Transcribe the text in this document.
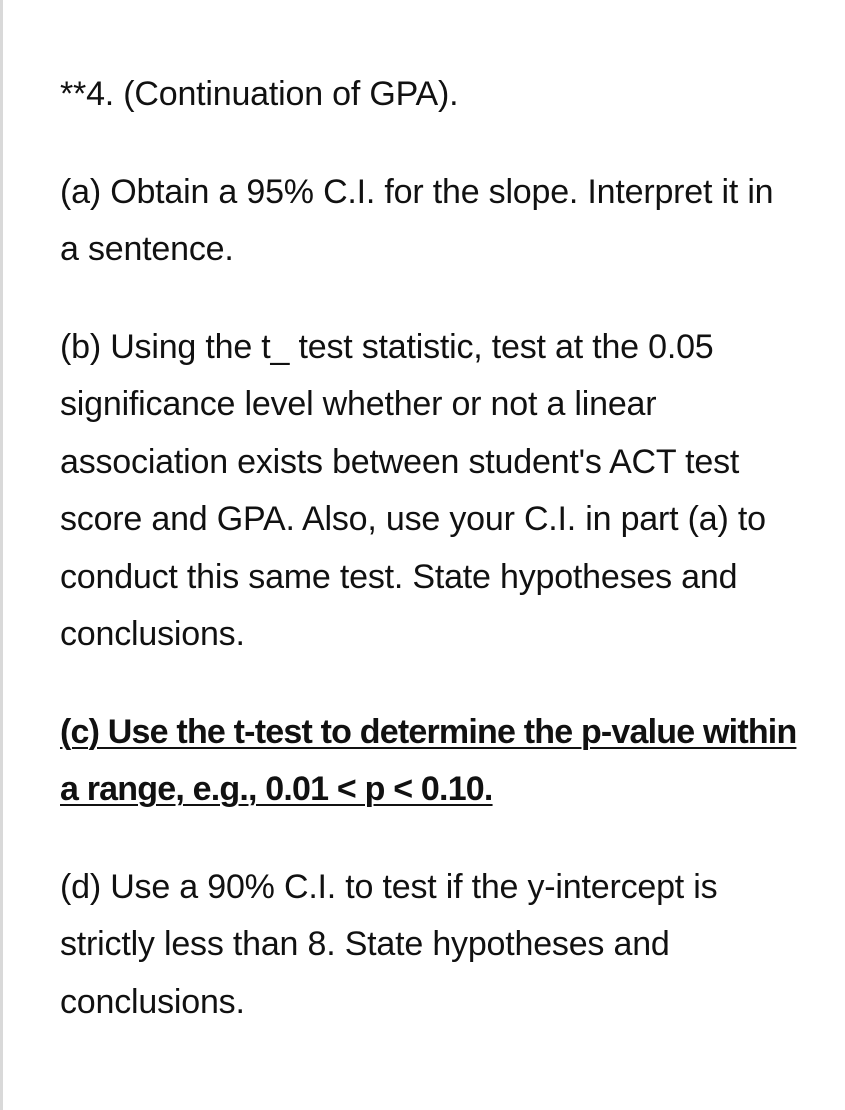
**4. (Continuation of GPA).

(a) Obtain a 95% C.I. for the slope. Interpret it in a sentence.

(b) Using the t_ test statistic, test at the 0.05 significance level whether or not a linear association exists between student's ACT test score and GPA. Also, use your C.I. in part (a) to conduct this same test. State hypotheses and conclusions.

(c) Use the t-test to determine the p-value within a range, e.g., 0.01 < p < 0.10.

(d) Use a 90% C.I. to test if the y-intercept is strictly less than 8. State hypotheses and conclusions.
